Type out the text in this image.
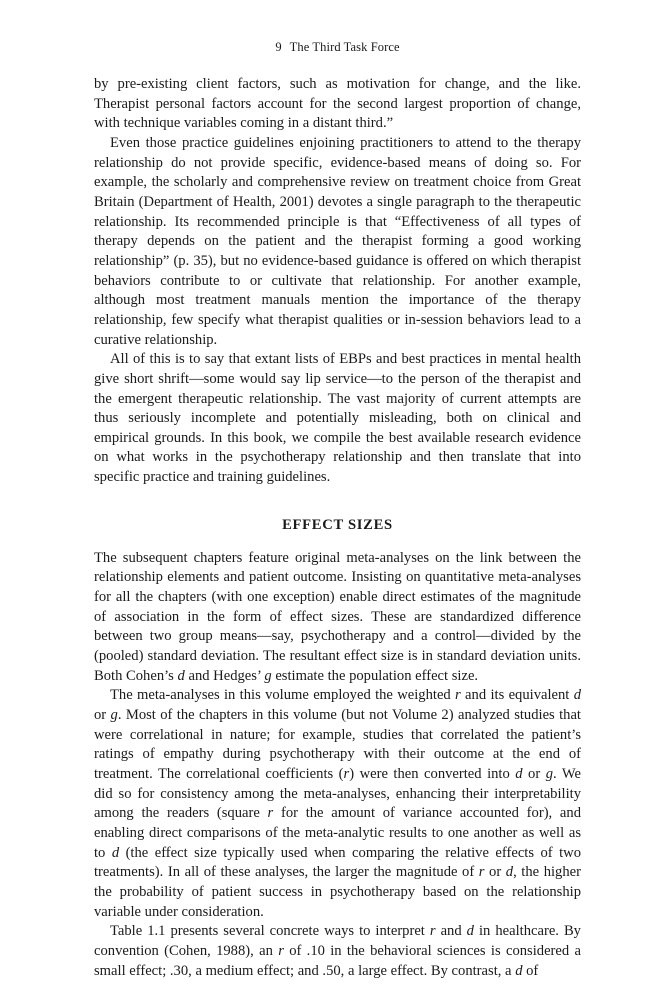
9 The Third Task Force

by pre-existing client factors, such as motivation for change, and the like. Therapist personal factors account for the second largest proportion of change, with technique variables coming in a distant third.”

Even those practice guidelines enjoining practitioners to attend to the therapy relationship do not provide specific, evidence-based means of doing so. For example, the scholarly and comprehensive review on treatment choice from Great Britain (Department of Health, 2001) devotes a single paragraph to the therapeutic relationship. Its recommended principle is that “Effectiveness of all types of therapy depends on the patient and the therapist forming a good working relationship” (p. 35), but no evidence-based guidance is offered on which therapist behaviors contribute to or cultivate that relationship. For another example, although most treatment manuals mention the importance of the therapy relationship, few specify what therapist qualities or in-session behaviors lead to a curative relationship.

All of this is to say that extant lists of EBPs and best practices in mental health give short shrift—some would say lip service—to the person of the therapist and the emergent therapeutic relationship. The vast majority of current attempts are thus seriously incomplete and potentially misleading, both on clinical and empirical grounds. In this book, we compile the best available research evidence on what works in the psychotherapy relationship and then translate that into specific practice and training guidelines.

EFFECT SIZES

The subsequent chapters feature original meta-analyses on the link between the relationship elements and patient outcome. Insisting on quantitative meta-analyses for all the chapters (with one exception) enable direct estimates of the magnitude of association in the form of effect sizes. These are standardized difference between two group means—say, psychotherapy and a control—divided by the (pooled) standard deviation. The resultant effect size is in standard deviation units. Both Cohen’s d and Hedges’ g estimate the population effect size.

The meta-analyses in this volume employed the weighted r and its equivalent d or g. Most of the chapters in this volume (but not Volume 2) analyzed studies that were correlational in nature; for example, studies that correlated the patient’s ratings of empathy during psychotherapy with their outcome at the end of treatment. The correlational coefficients (r) were then converted into d or g. We did so for consistency among the meta-analyses, enhancing their interpretability among the readers (square r for the amount of variance accounted for), and enabling direct comparisons of the meta-analytic results to one another as well as to d (the effect size typically used when comparing the relative effects of two treatments). In all of these analyses, the larger the magnitude of r or d, the higher the probability of patient success in psychotherapy based on the relationship variable under consideration.

Table 1.1 presents several concrete ways to interpret r and d in healthcare. By convention (Cohen, 1988), an r of .10 in the behavioral sciences is considered a small effect; .30, a medium effect; and .50, a large effect. By contrast, a d of
